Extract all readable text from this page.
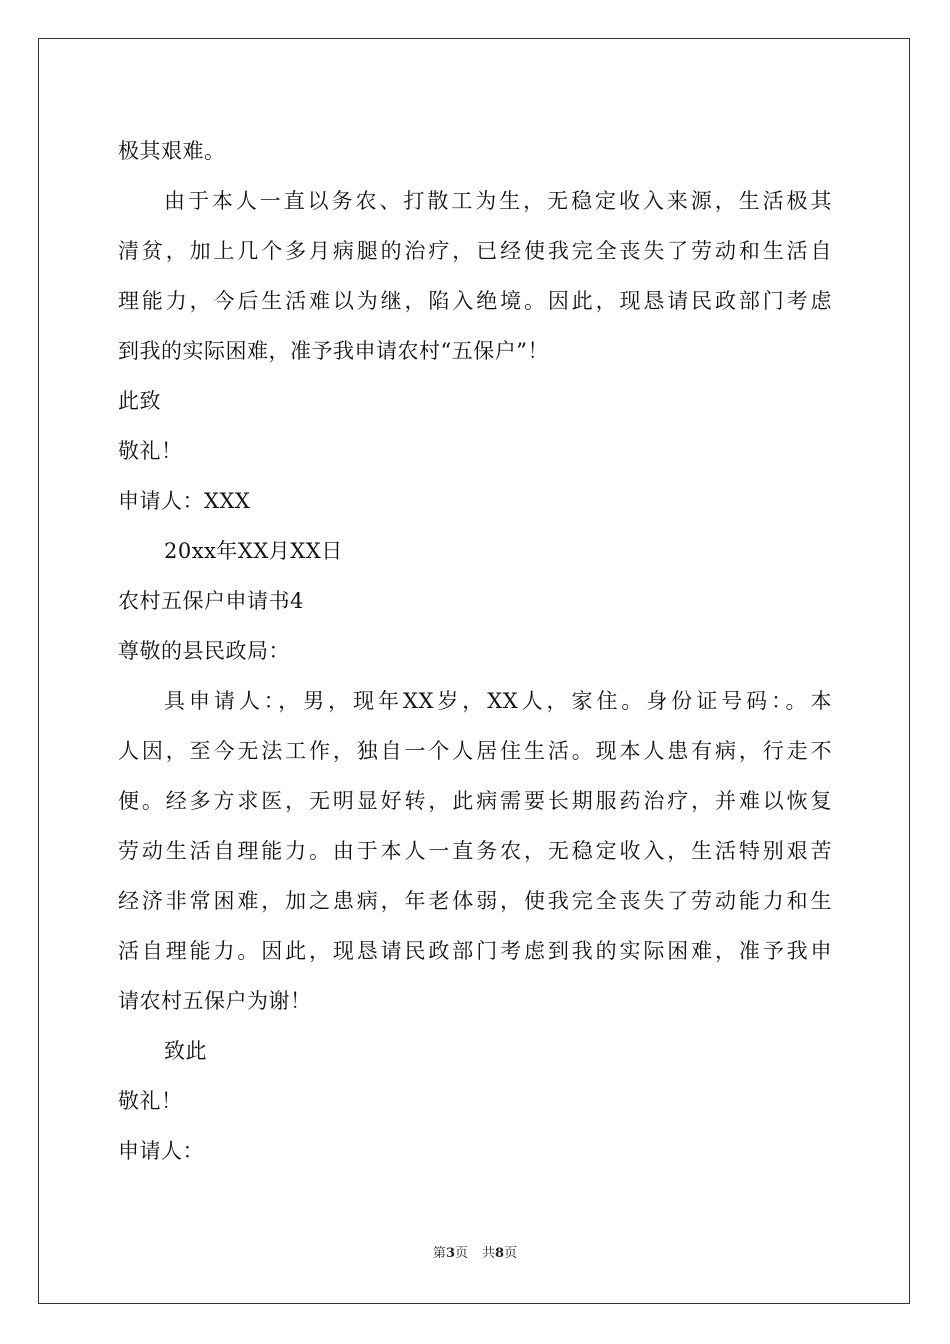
极其艰难。
由于本人一直以务农、打散工为生，无稳定收入来源，生活极其
清贫，加上几个多月病腿的治疗，已经使我完全丧失了劳动和生活自
理能力，今后生活难以为继，陷入绝境。因此，现恳请民政部门考虑
到我的实际困难，准予我申请农村“五保户”！
此致
敬礼！
申请人：XXX
20xx年XX月XX日
农村五保户申请书4
尊敬的县民政局：
具申请人：，男，现年XX岁，XX人，家住。身份证号码：。本
人因，至今无法工作，独自一个人居住生活。现本人患有病，行走不
便。经多方求医，无明显好转，此病需要长期服药治疗，并难以恢复
劳动生活自理能力。由于本人一直务农，无稳定收入，生活特别艰苦
经济非常困难，加之患病，年老体弱，使我完全丧失了劳动能力和生
活自理能力。因此，现恳请民政部门考虑到我的实际困难，准予我申
请农村五保户为谢！
致此
敬礼！
申请人：
第3页 共8页
